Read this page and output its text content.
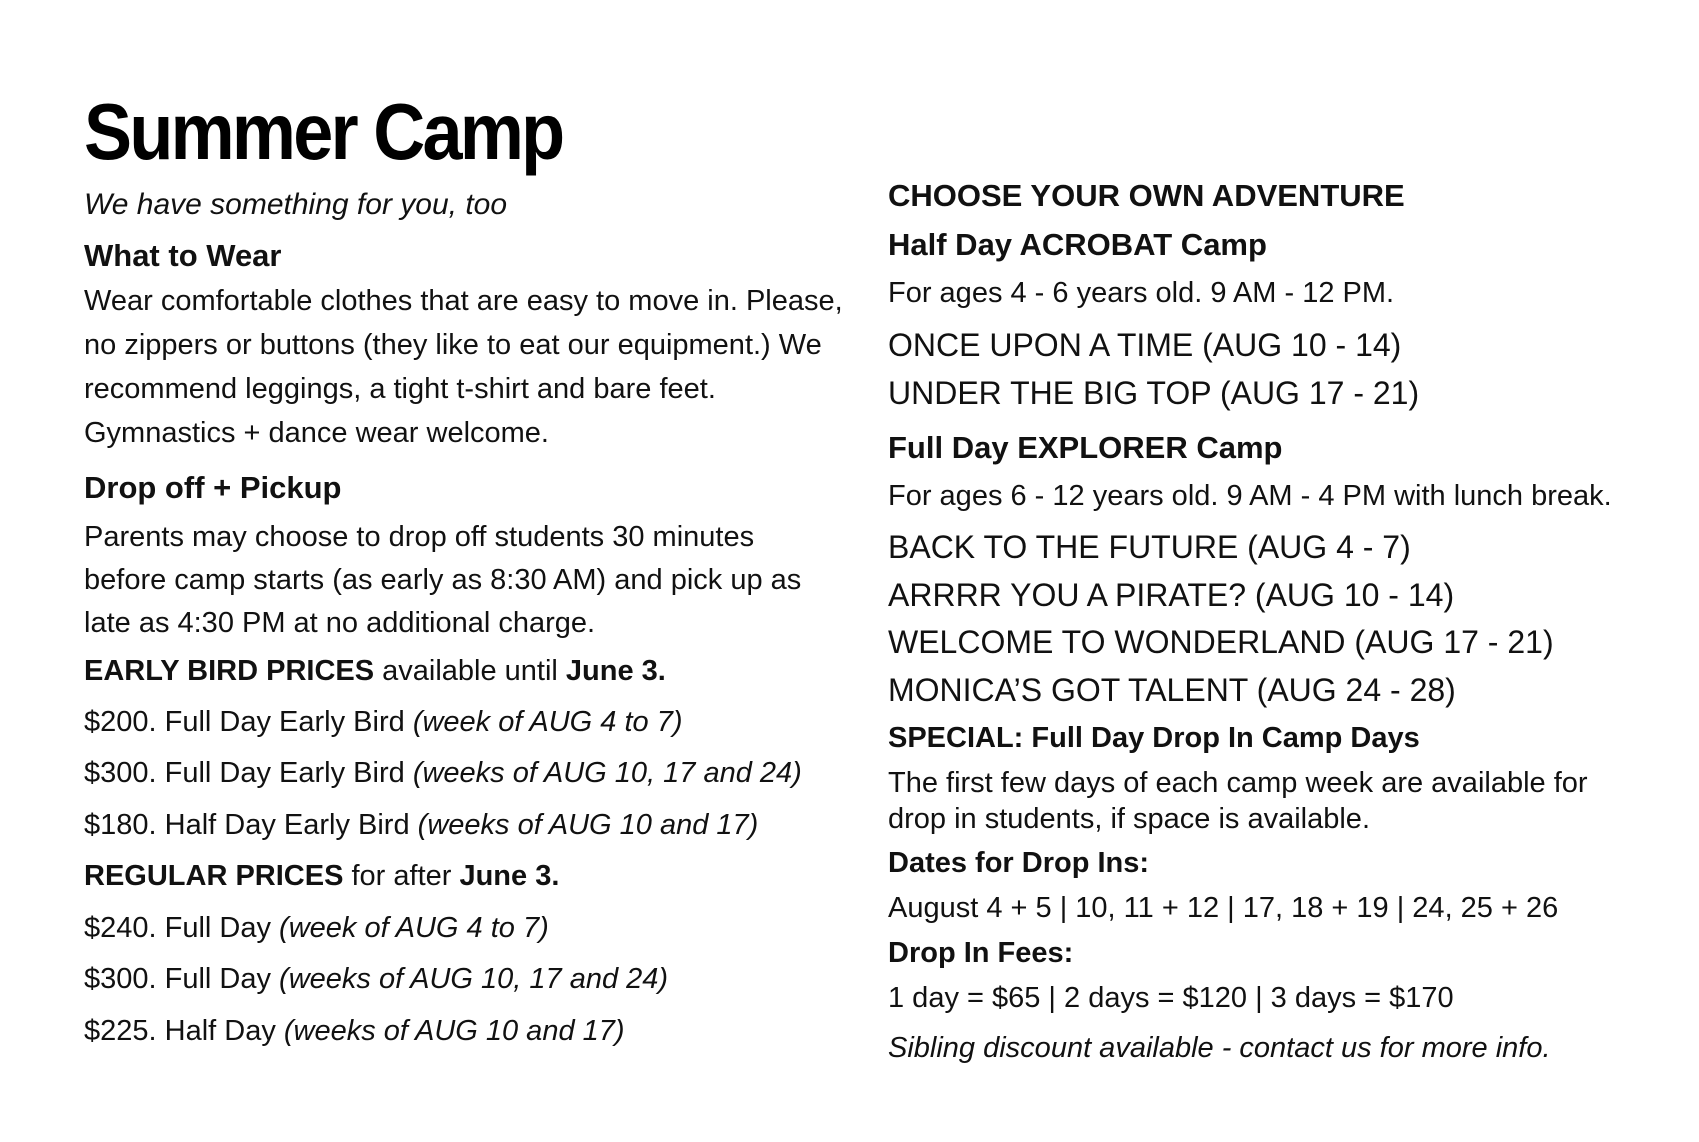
Summer Camp
We have something for you, too
What to Wear

Wear comfortable clothes that are easy to move in. Please, no zippers or buttons (they like to eat our equipment.) We recommend leggings, a tight t-shirt and bare feet. Gymnastics + dance wear welcome.

Drop off + Pickup

Parents may choose to drop off students 30 minutes before camp starts (as early as 8:30 AM) and pick up as late as 4:30 PM at no additional charge.

EARLY BIRD PRICES available until June 3.
$200. Full Day Early Bird (week of AUG 4 to 7)
$300. Full Day Early Bird (weeks of AUG 10, 17 and 24)
$180. Half Day Early Bird (weeks of AUG 10 and 17)
REGULAR PRICES for after June 3.
$240. Full Day (week of AUG 4 to 7)
$300. Full Day (weeks of AUG 10, 17 and 24)
$225. Half Day (weeks of AUG 10 and 17)
CHOOSE YOUR OWN ADVENTURE
Half Day ACROBAT Camp
For ages 4 - 6 years old. 9 AM - 12 PM.
ONCE UPON A TIME (AUG 10 - 14)
UNDER THE BIG TOP (AUG 17 - 21)
Full Day EXPLORER Camp
For ages 6 - 12 years old. 9 AM - 4 PM with lunch break.
BACK TO THE FUTURE (AUG 4 - 7)
ARRRR YOU A PIRATE? (AUG 10 - 14)
WELCOME TO WONDERLAND (AUG 17 - 21)
MONICA’S GOT TALENT (AUG 24 - 28)
SPECIAL: Full Day Drop In Camp Days
The first few days of each camp week are available for
drop in students, if space is available.
Dates for Drop Ins:
August 4 + 5 | 10, 11 + 12 | 17, 18 + 19 | 24, 25 + 26
Drop In Fees:
1 day = $65 | 2 days = $120 | 3 days = $170
Sibling discount available - contact us for more info.
